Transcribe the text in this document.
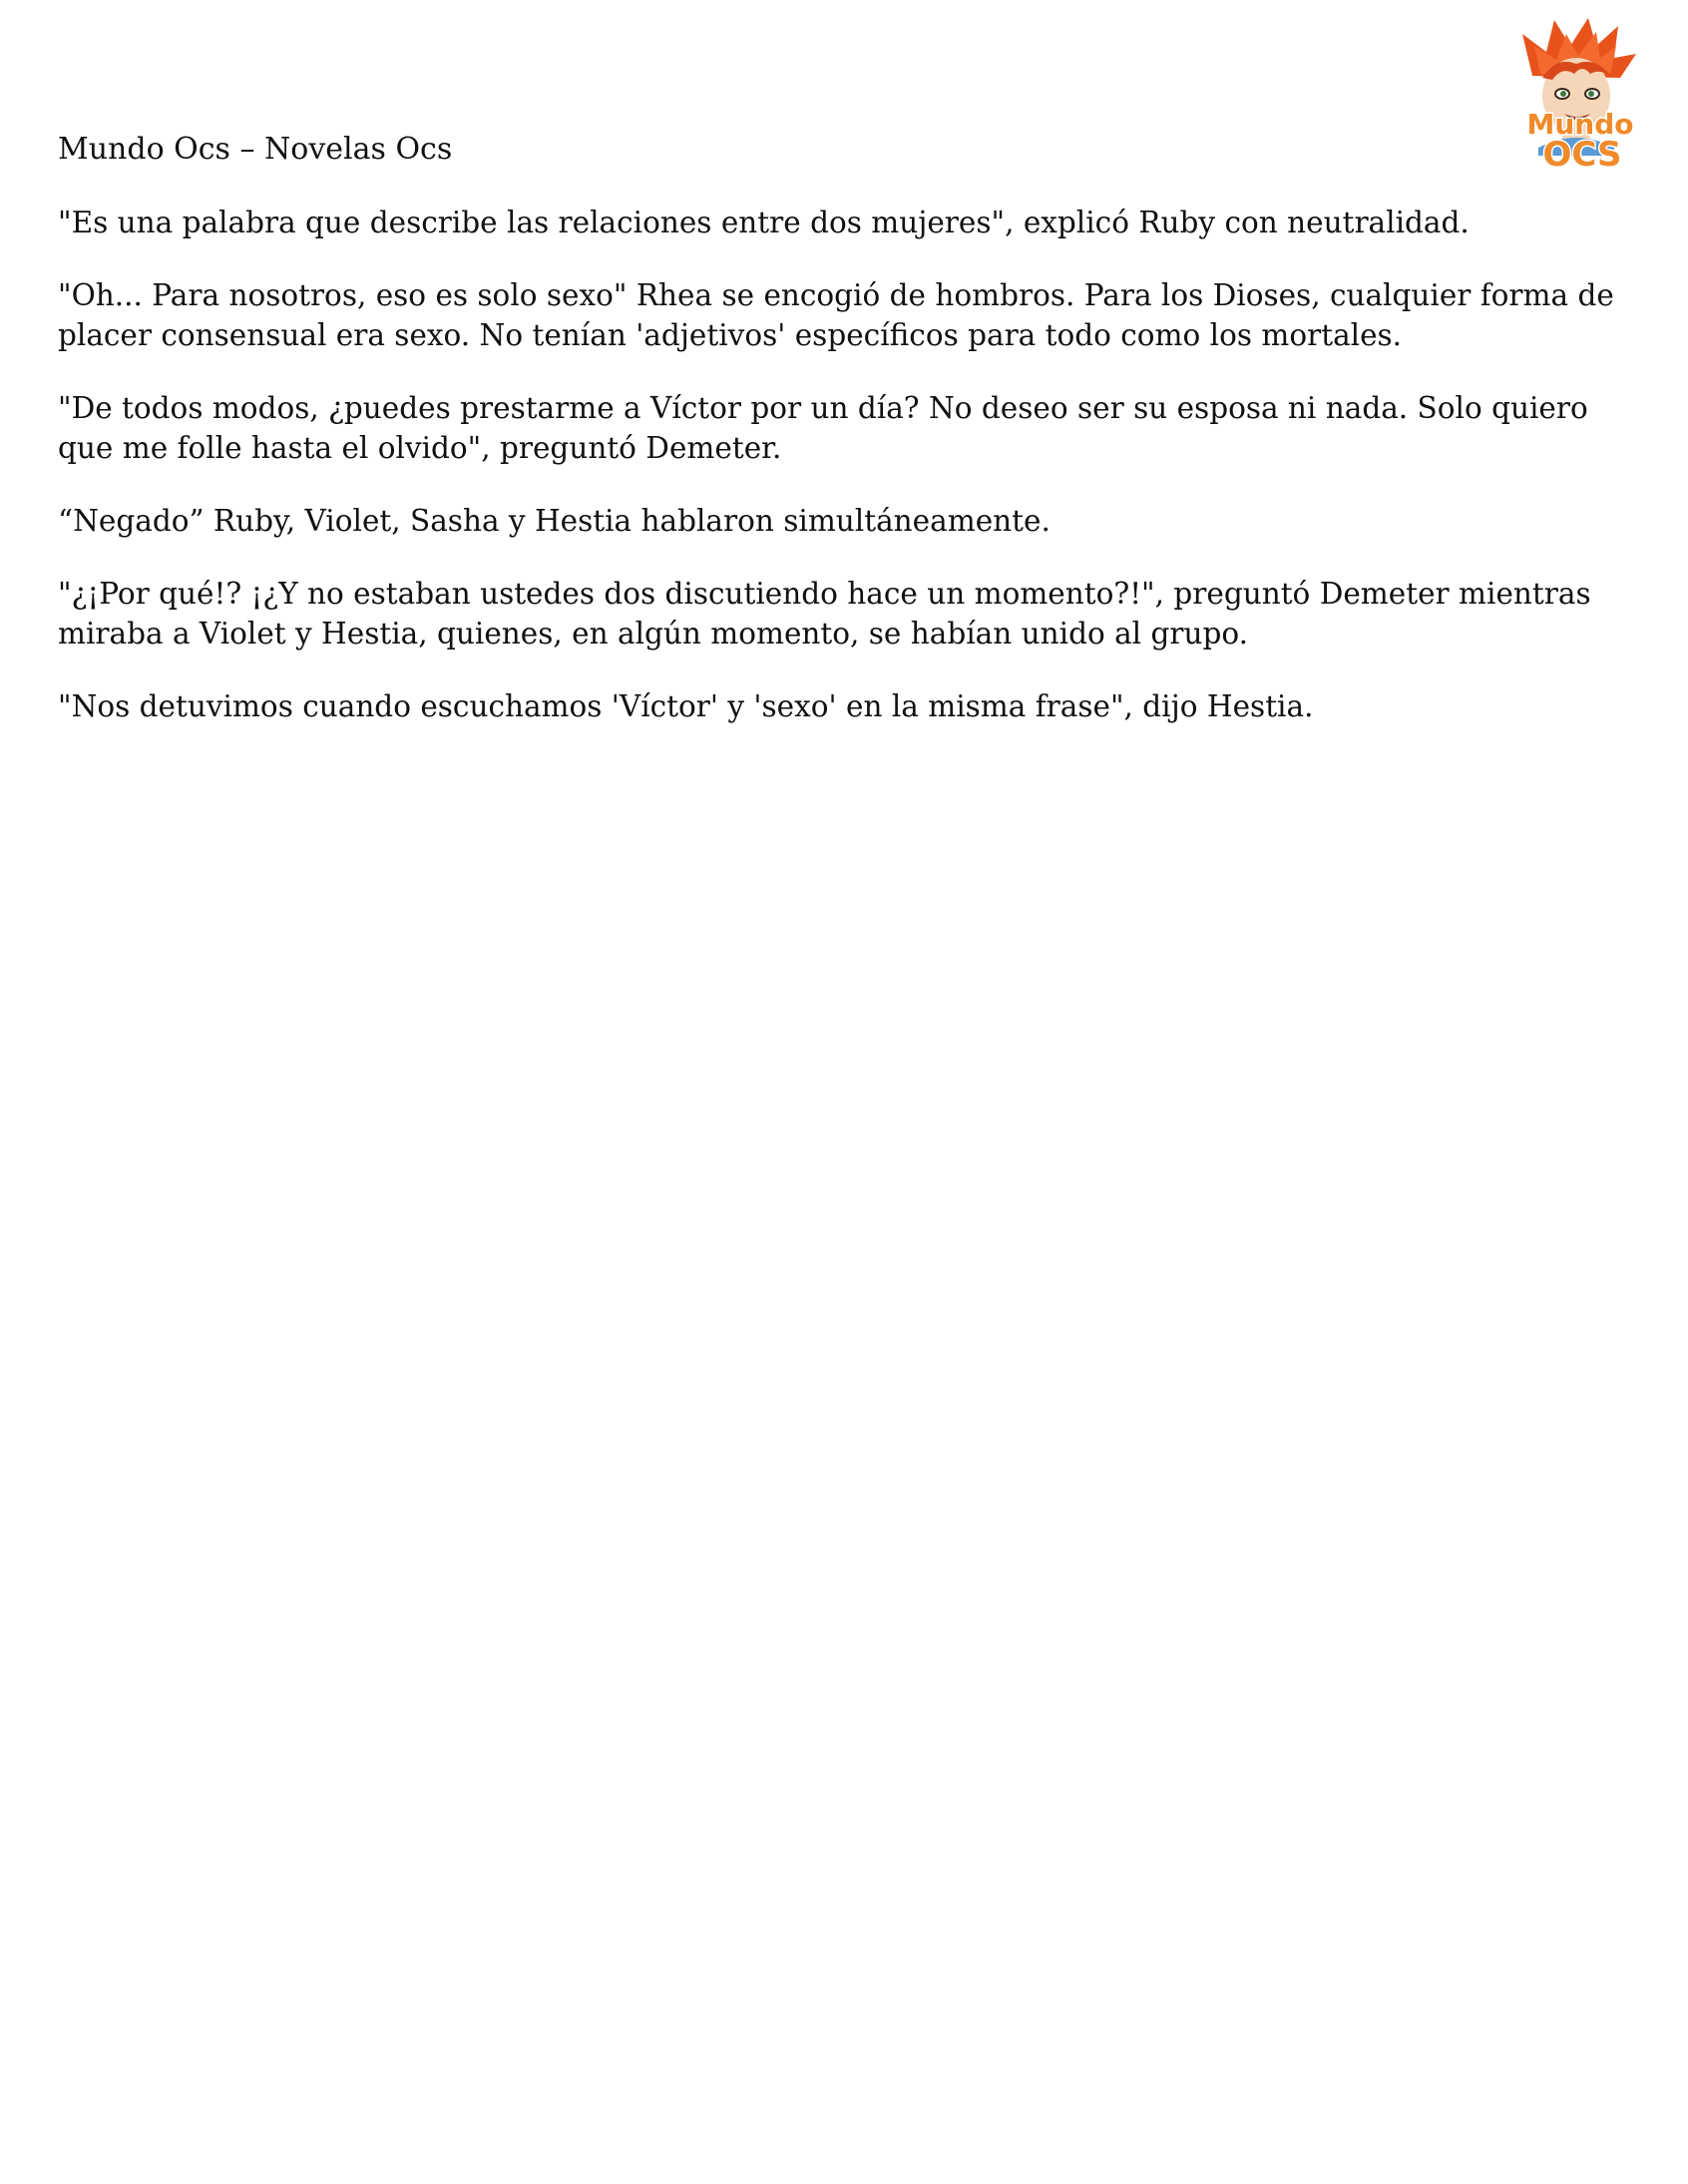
Mundo Ocs – Novelas Ocs
Mundo
OCS

"Es una palabra que describe las relaciones entre dos mujeres", explicó Ruby con neutralidad.

"Oh... Para nosotros, eso es solo sexo" Rhea se encogió de hombros. Para los Dioses, cualquier forma de placer consensual era sexo. No tenían 'adjetivos' específicos para todo como los mortales.

"De todos modos, ¿puedes prestarme a Víctor por un día? No deseo ser su esposa ni nada. Solo quiero que me folle hasta el olvido", preguntó Demeter.

“Negado” Ruby, Violet, Sasha y Hestia hablaron simultáneamente.

"¿¡Por qué!? ¡¿Y no estaban ustedes dos discutiendo hace un momento?!", preguntó Demeter mientras miraba a Violet y Hestia, quienes, en algún momento, se habían unido al grupo.

"Nos detuvimos cuando escuchamos 'Víctor' y 'sexo' en la misma frase", dijo Hestia.
